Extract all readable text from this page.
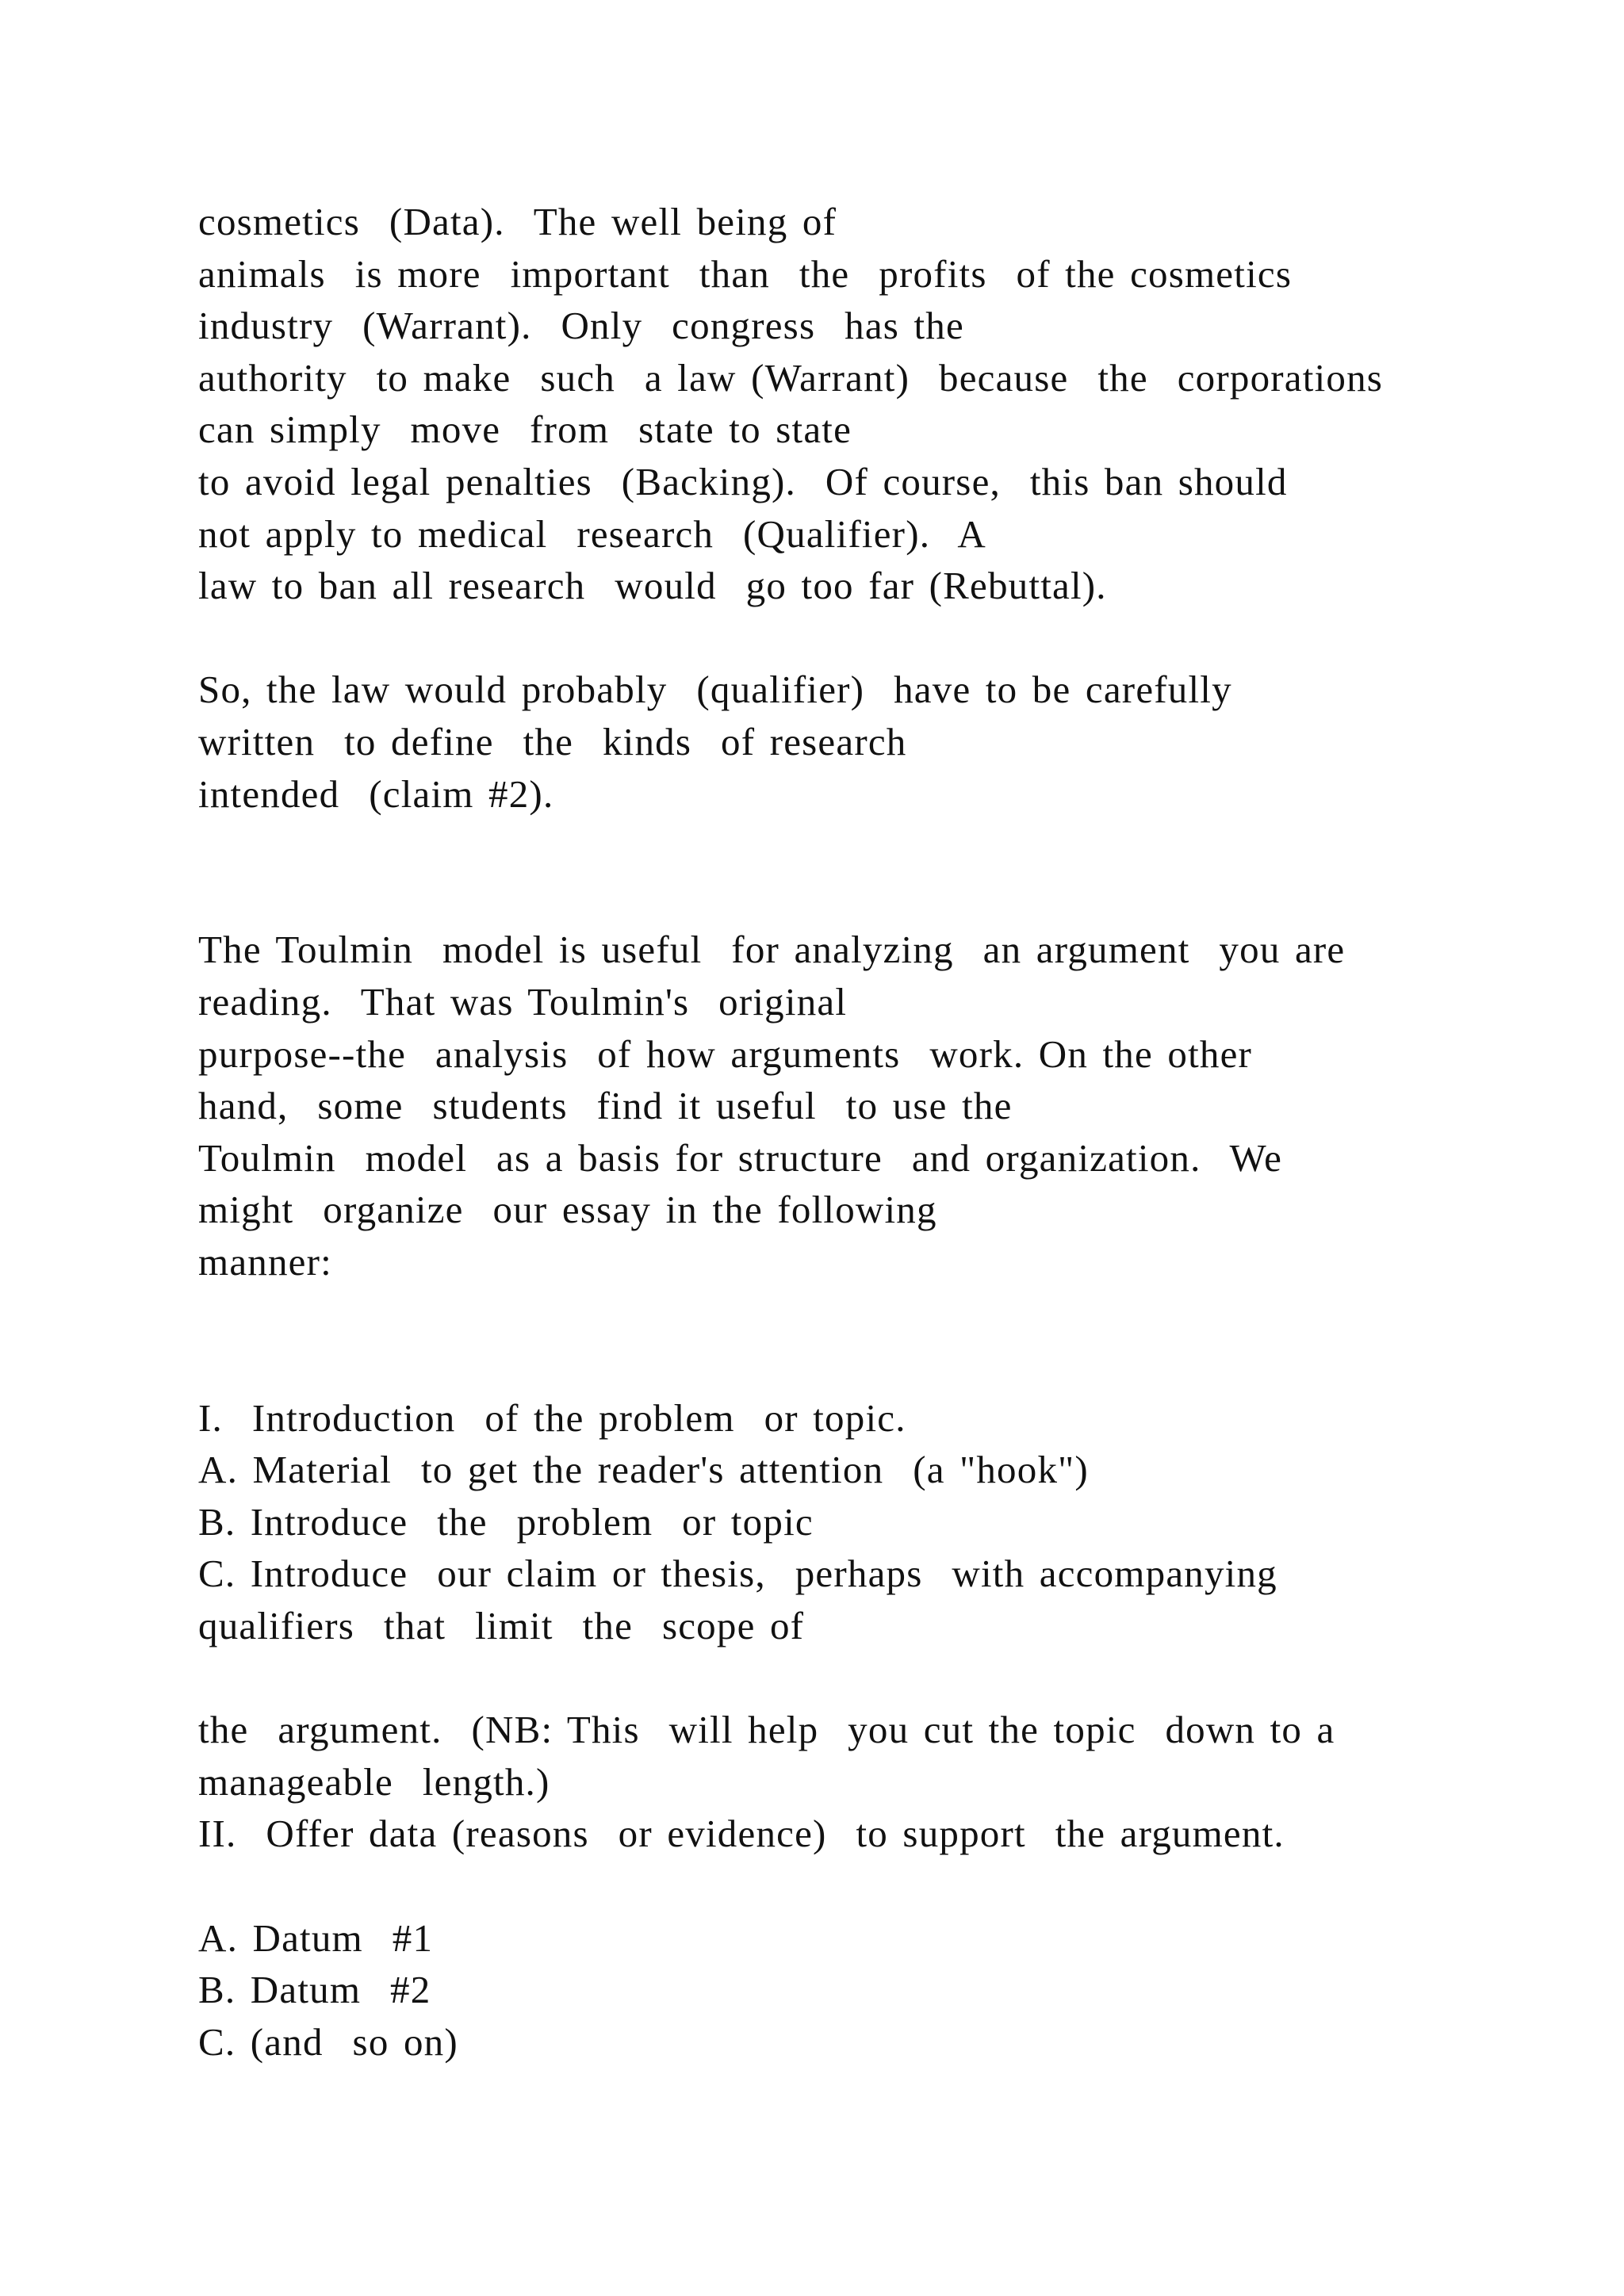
cosmetics  (Data).  The well being of
animals  is more  important  than  the  profits  of the cosmetics
industry  (Warrant).  Only  congress  has the
authority  to make  such  a law (Warrant)  because  the  corporations
can simply  move  from  state to state
to avoid legal penalties  (Backing).  Of course,  this ban should
not apply to medical  research  (Qualifier).  A
law to ban all research  would  go too far (Rebuttal).
So, the law would probably  (qualifier)  have to be carefully
written  to define  the  kinds  of research
intended  (claim #2).
The Toulmin  model is useful  for analyzing  an argument  you are
reading.  That was Toulmin's  original
purpose--the  analysis  of how arguments  work. On the other
hand,  some  students  find it useful  to use the
Toulmin  model  as a basis for structure  and organization.  We
might  organize  our essay in the following
manner:
I.  Introduction  of the problem  or topic.
A. Material  to get the reader's attention  (a "hook")
B. Introduce  the  problem  or topic
C. Introduce  our claim or thesis,  perhaps  with accompanying
qualifiers  that  limit  the  scope of
the  argument.  (NB: This  will help  you cut the topic  down to a
manageable  length.)
II.  Offer data (reasons  or evidence)  to support  the argument.
A. Datum  #1
B. Datum  #2
C. (and  so on)
